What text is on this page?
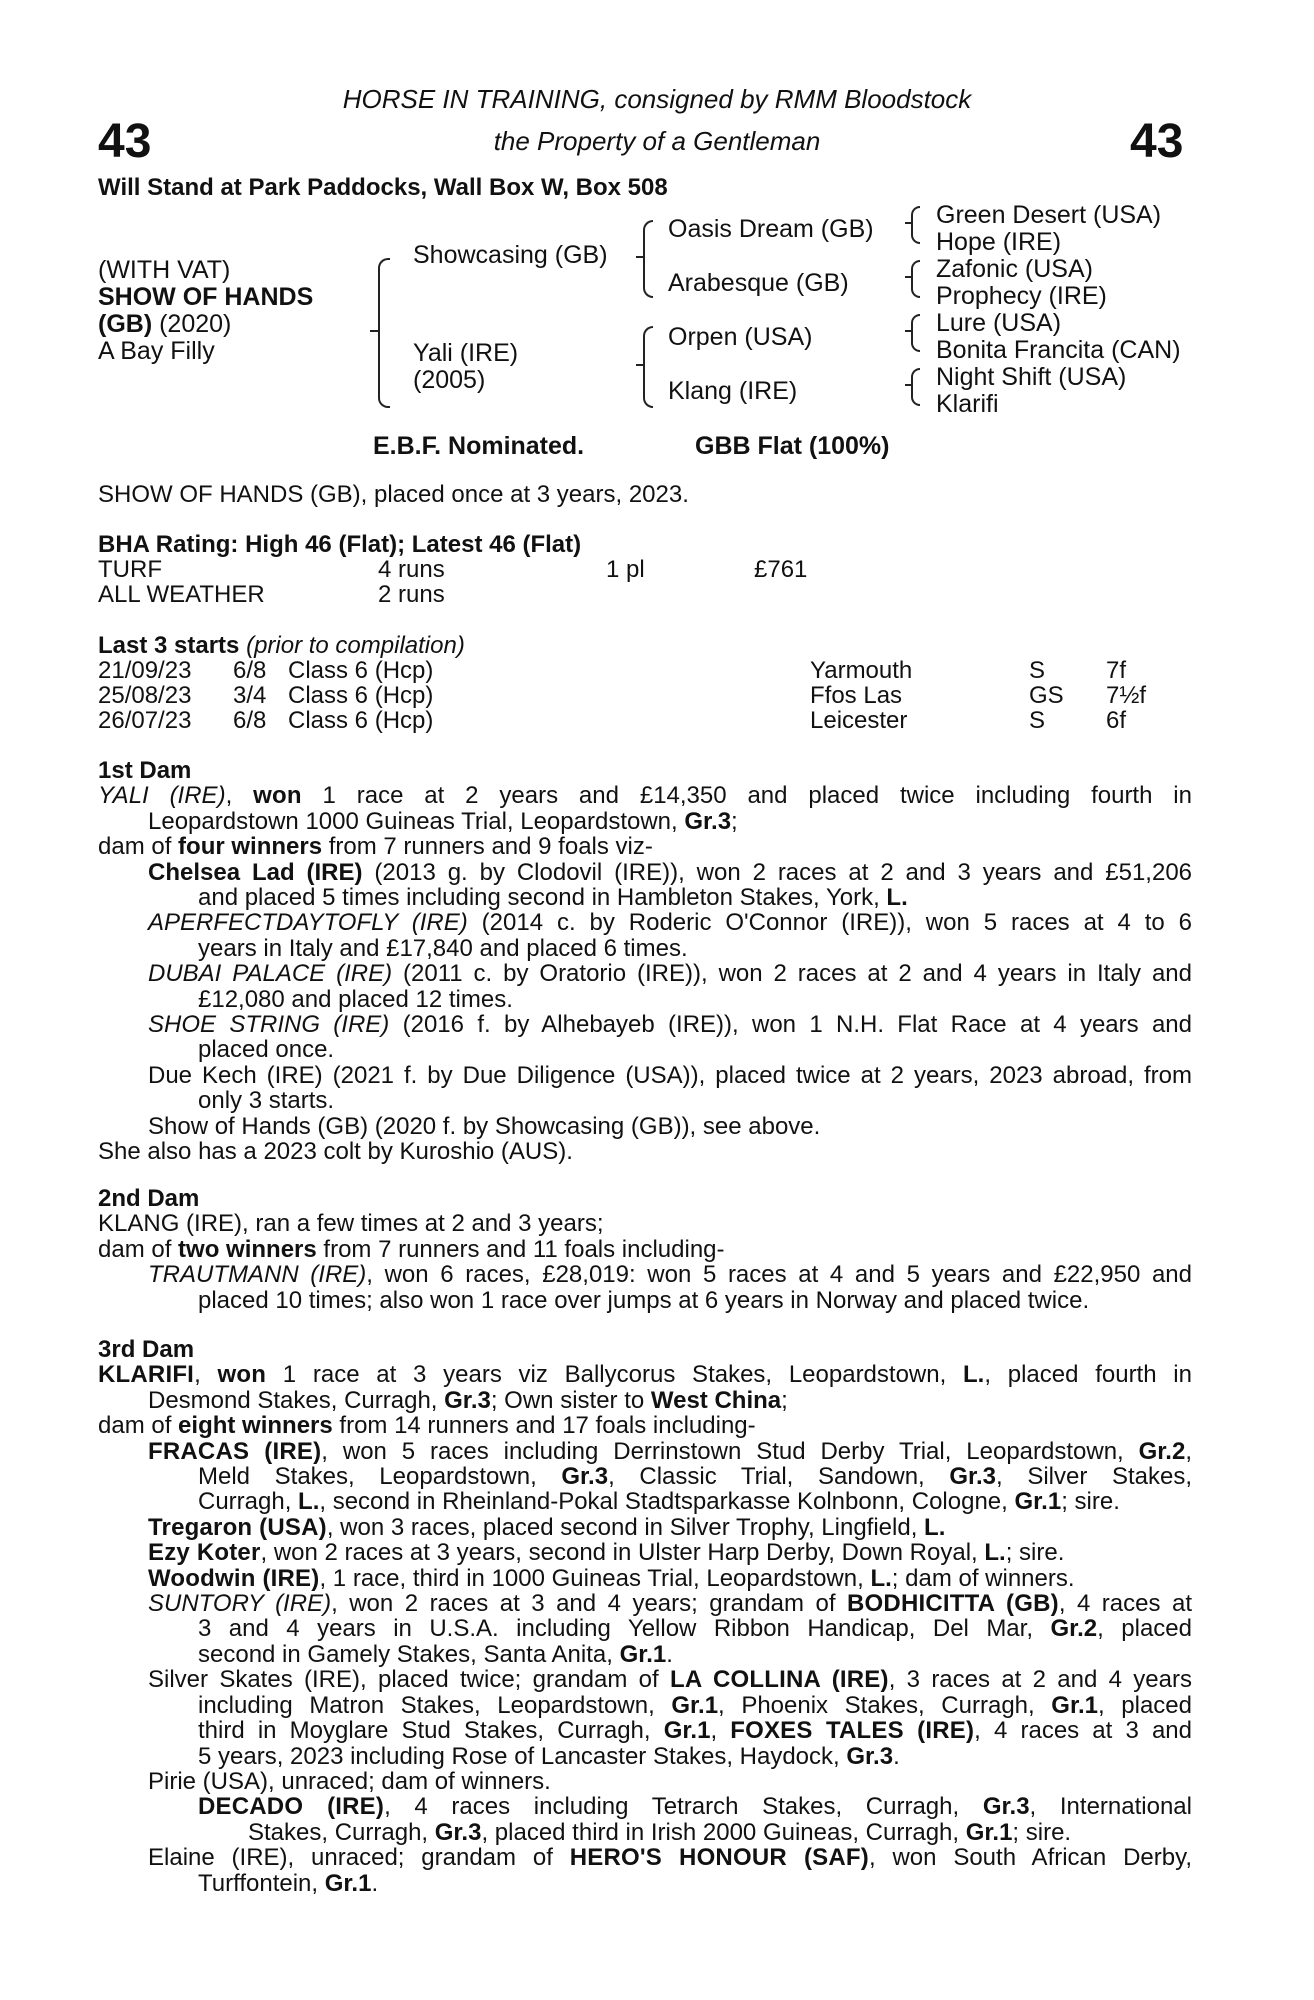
43	43
HORSE IN TRAINING, consigned by RMM Bloodstock
the Property of a Gentleman
Will Stand at Park Paddocks, Wall Box W, Box 508
(WITH VAT)
SHOW OF HANDS
(GB) (2020)
A Bay Filly
Showcasing (GB)
Yali (IRE)
(2005)
Oasis Dream (GB)
Arabesque (GB)
Orpen (USA)
Klang (IRE)
Green Desert (USA)
Hope (IRE)
Zafonic (USA)
Prophecy (IRE)
Lure (USA)
Bonita Francita (CAN)
Night Shift (USA)
Klarifi
E.B.F. Nominated.	GBB Flat (100%)
SHOW OF HANDS (GB), placed once at 3 years, 2023.
BHA Rating: High 46 (Flat); Latest 46 (Flat)
TURF	4 runs	1 pl	£761
ALL WEATHER	2 runs		
Last 3 starts (prior to compilation)
21/09/23	6/8	Class 6 (Hcp)	Yarmouth	S	7f
25/08/23	3/4	Class 6 (Hcp)	Ffos Las	GS	7½f
26/07/23	6/8	Class 6 (Hcp)	Leicester	S	6f
1st Dam
YALI (IRE), won 1 race at 2 years and £14,350 and placed twice including fourth in
Leopardstown 1000 Guineas Trial, Leopardstown, Gr.3;
dam of four winners from 7 runners and 9 foals viz-
Chelsea Lad (IRE) (2013 g. by Clodovil (IRE)), won 2 races at 2 and 3 years and £51,206
and placed 5 times including second in Hambleton Stakes, York, L.
APERFECTDAYTOFLY (IRE) (2014 c. by Roderic O'Connor (IRE)), won 5 races at 4 to 6
years in Italy and £17,840 and placed 6 times.
DUBAI PALACE (IRE) (2011 c. by Oratorio (IRE)), won 2 races at 2 and 4 years in Italy and
£12,080 and placed 12 times.
SHOE STRING (IRE) (2016 f. by Alhebayeb (IRE)), won 1 N.H. Flat Race at 4 years and
placed once.
Due Kech (IRE) (2021 f. by Due Diligence (USA)), placed twice at 2 years, 2023 abroad, from
only 3 starts.
Show of Hands (GB) (2020 f. by Showcasing (GB)), see above.
She also has a 2023 colt by Kuroshio (AUS).
2nd Dam
KLANG (IRE), ran a few times at 2 and 3 years;
dam of two winners from 7 runners and 11 foals including-
TRAUTMANN (IRE), won 6 races, £28,019: won 5 races at 4 and 5 years and £22,950 and
placed 10 times; also won 1 race over jumps at 6 years in Norway and placed twice.
3rd Dam
KLARIFI, won 1 race at 3 years viz Ballycorus Stakes, Leopardstown, L., placed fourth in
Desmond Stakes, Curragh, Gr.3; Own sister to West China;
dam of eight winners from 14 runners and 17 foals including-
FRACAS (IRE), won 5 races including Derrinstown Stud Derby Trial, Leopardstown, Gr.2,
Meld Stakes, Leopardstown, Gr.3, Classic Trial, Sandown, Gr.3, Silver Stakes,
Curragh, L., second in Rheinland-Pokal Stadtsparkasse Kolnbonn, Cologne, Gr.1; sire.
Tregaron (USA), won 3 races, placed second in Silver Trophy, Lingfield, L.
Ezy Koter, won 2 races at 3 years, second in Ulster Harp Derby, Down Royal, L.; sire.
Woodwin (IRE), 1 race, third in 1000 Guineas Trial, Leopardstown, L.; dam of winners.
SUNTORY (IRE), won 2 races at 3 and 4 years; grandam of BODHICITTA (GB), 4 races at
3 and 4 years in U.S.A. including Yellow Ribbon Handicap, Del Mar, Gr.2, placed
second in Gamely Stakes, Santa Anita, Gr.1.
Silver Skates (IRE), placed twice; grandam of LA COLLINA (IRE), 3 races at 2 and 4 years
including Matron Stakes, Leopardstown, Gr.1, Phoenix Stakes, Curragh, Gr.1, placed
third in Moyglare Stud Stakes, Curragh, Gr.1, FOXES TALES (IRE), 4 races at 3 and
5 years, 2023 including Rose of Lancaster Stakes, Haydock, Gr.3.
Pirie (USA), unraced; dam of winners.
DECADO (IRE), 4 races including Tetrarch Stakes, Curragh, Gr.3, International
Stakes, Curragh, Gr.3, placed third in Irish 2000 Guineas, Curragh, Gr.1; sire.
Elaine (IRE), unraced; grandam of HERO'S HONOUR (SAF), won South African Derby,
Turffontein, Gr.1.
